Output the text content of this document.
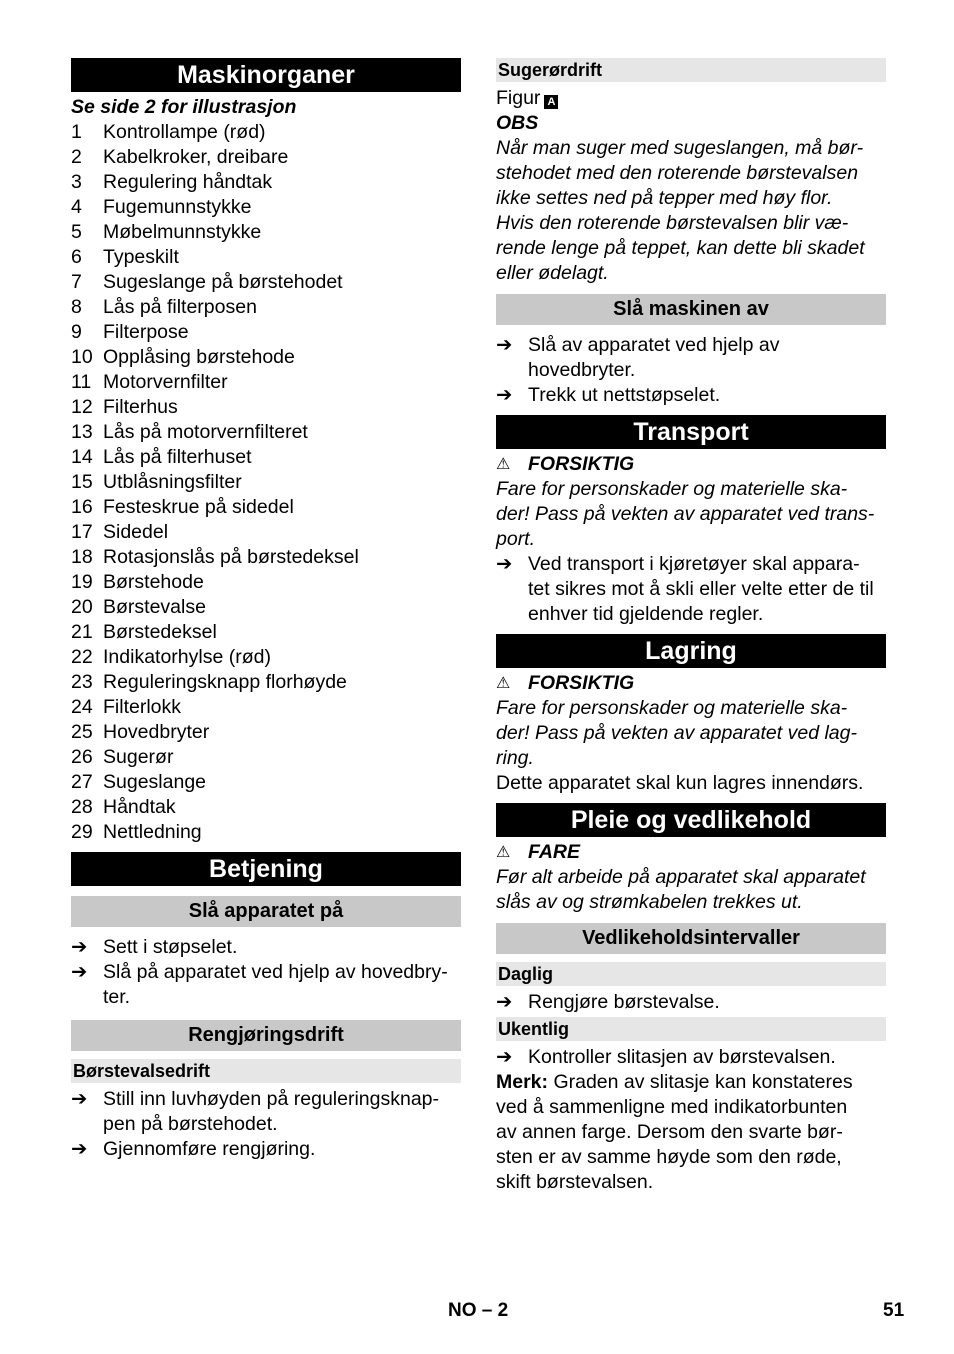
Maskinorganer
Se side 2 for illustrasjon
1	Kontrollampe (rød)
2	Kabelkroker, dreibare
3	Regulering håndtak
4	Fugemunnstykke
5	Møbelmunnstykke
6	Typeskilt
7	Sugeslange på børstehodet
8	Lås på filterposen
9	Filterpose
10 Opplåsing børstehode
11 Motorvernfilter
12 Filterhus
13 Lås på motorvernfilteret
14 Lås på filterhuset
15 Utblåsningsfilter
16 Festeskrue på sidedel
17 Sidedel
18 Rotasjonslås på børstedeksel
19 Børstehode
20 Børstevalse
21 Børstedeksel
22 Indikatorhylse (rød)
23 Reguleringsknapp florhøyde
24 Filterlokk
25 Hovedbryter
26 Sugerør
27 Sugeslange
28 Håndtak
29 Nettledning
Betjening
Slå apparatet på
➔ Sett i støpselet.
➔ Slå på apparatet ved hjelp av hovedbry-
ter.
Rengjøringsdrift
Børstevalsedrift
➔ Still inn luvhøyden på reguleringsknap-
pen på børstehodet.
➔ Gjennomføre rengjøring.
Sugerørdrift
Figur A
OBS
Når man suger med sugeslangen, må bør-
stehodet med den roterende børstevalsen
ikke settes ned på tepper med høy flor.
Hvis den roterende børstevalsen blir væ-
rende lenge på teppet, kan dette bli skadet
eller ødelagt.
Slå maskinen av
➔ Slå av apparatet ved hjelp av hovedbryter.
➔ Trekk ut nettstøpselet.
Transport
⚠ FORSIKTIG
Fare for personskader og materielle ska-
der! Pass på vekten av apparatet ved trans-
port.
➔ Ved transport i kjøretøyer skal appara-
tet sikres mot å skli eller velte etter de til
enhver tid gjeldende regler.
Lagring
⚠ FORSIKTIG
Fare for personskader og materielle ska-
der! Pass på vekten av apparatet ved lag-
ring.
Dette apparatet skal kun lagres innendørs.
Pleie og vedlikehold
⚠ FARE
Før alt arbeide på apparatet skal apparatet
slås av og strømkabelen trekkes ut.
Vedlikeholdsintervaller
Daglig
➔ Rengjøre børstevalse.
Ukentlig
➔ Kontroller slitasjen av børstevalsen.
Merk: Graden av slitasje kan konstateres
ved å sammenligne med indikatorbunten
av annen farge. Dersom den svarte bør-
sten er av samme høyde som den røde,
skift børstevalsen.
NO – 2	51
